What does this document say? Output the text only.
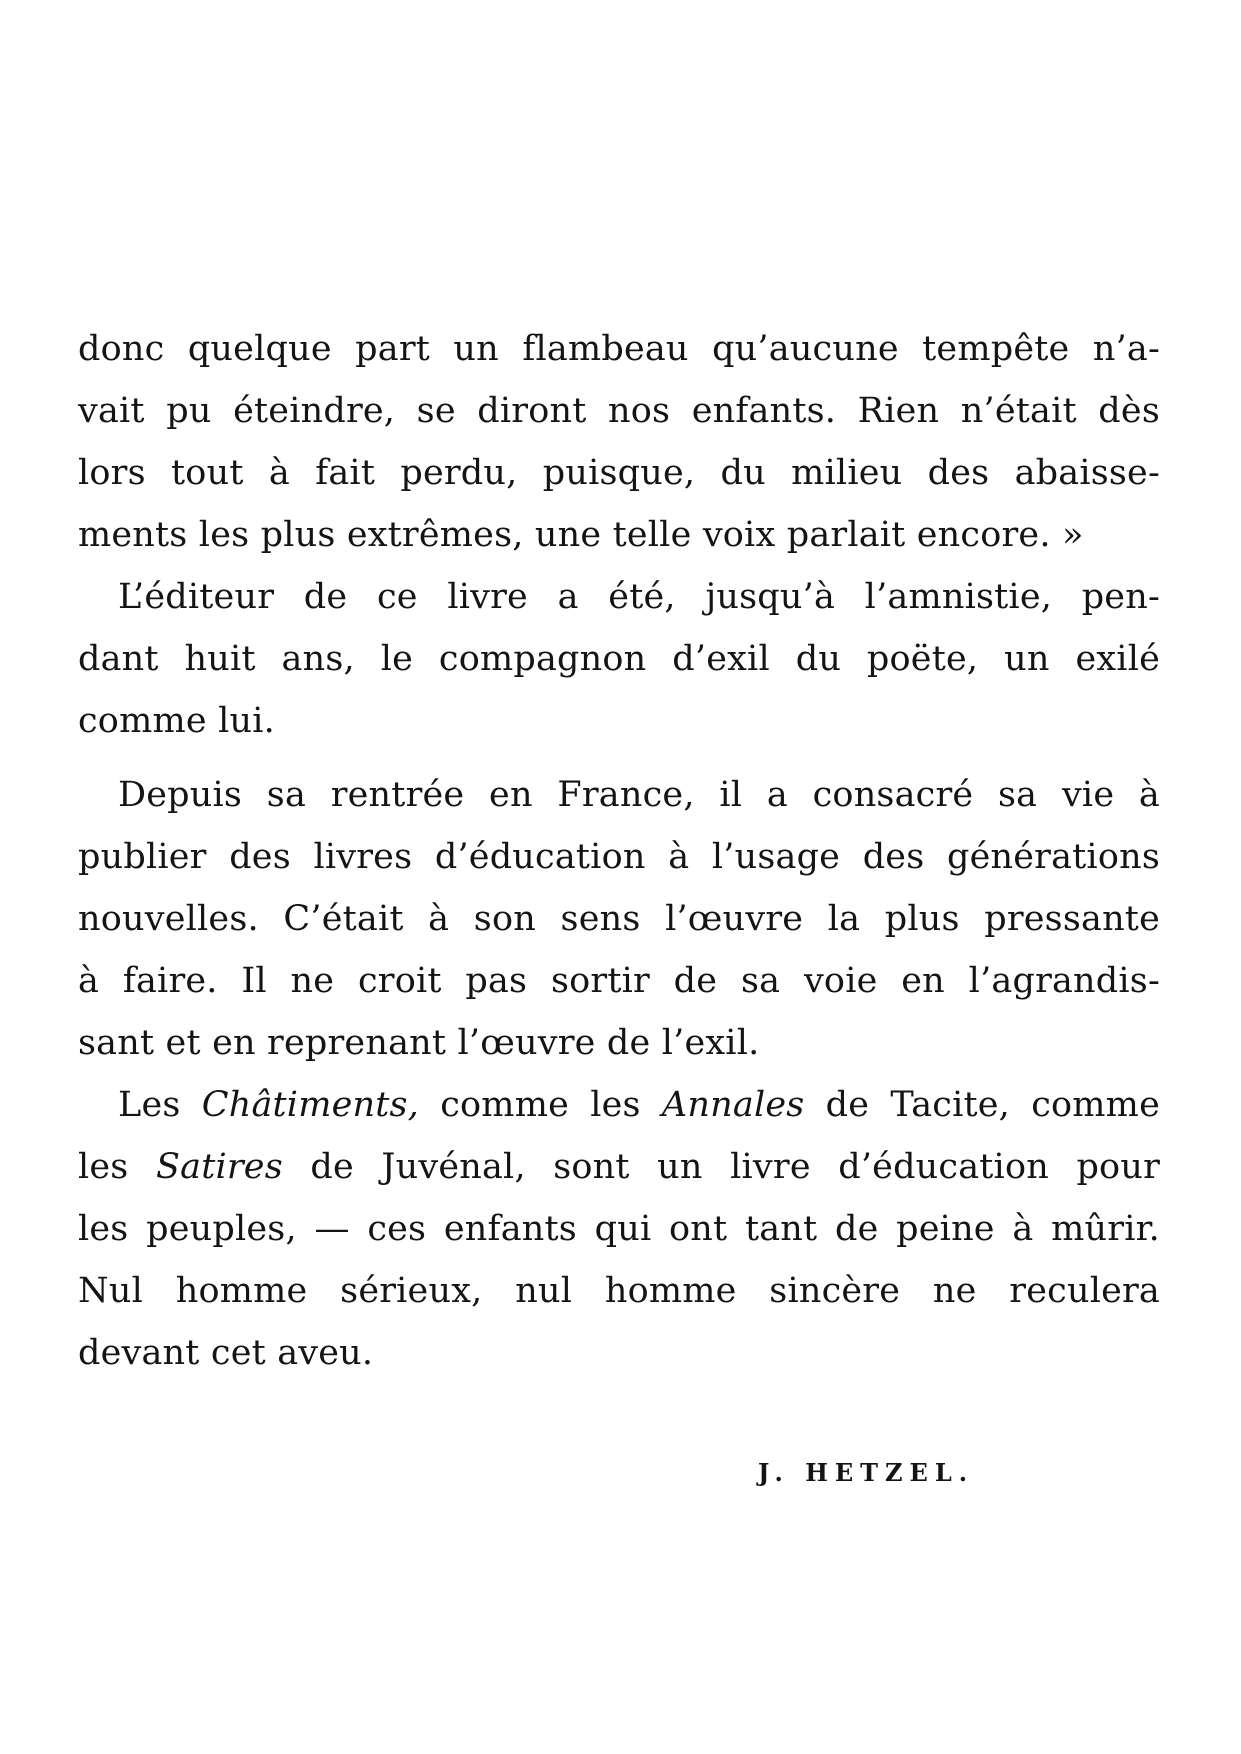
donc quelque part un flambeau qu’aucune tempête n’a-
vait pu éteindre, se diront nos enfants. Rien n’était dès
lors tout à fait perdu, puisque, du milieu des abaisse-
ments les plus extrêmes, une telle voix parlait encore. »
L’éditeur de ce livre a été, jusqu’à l’amnistie, pen-
dant huit ans, le compagnon d’exil du poëte, un exilé
comme lui.
Depuis sa rentrée en France, il a consacré sa vie à
publier des livres d’éducation à l’usage des générations
nouvelles. C’était à son sens l’œuvre la plus pressante
à faire. Il ne croit pas sortir de sa voie en l’agrandis-
sant et en reprenant l’œuvre de l’exil.
Les Châtiments, comme les Annales de Tacite, comme
les Satires de Juvénal, sont un livre d’éducation pour
les peuples, — ces enfants qui ont tant de peine à mûrir.
Nul homme sérieux, nul homme sincère ne reculera
devant cet aveu.
J. HETZEL.
